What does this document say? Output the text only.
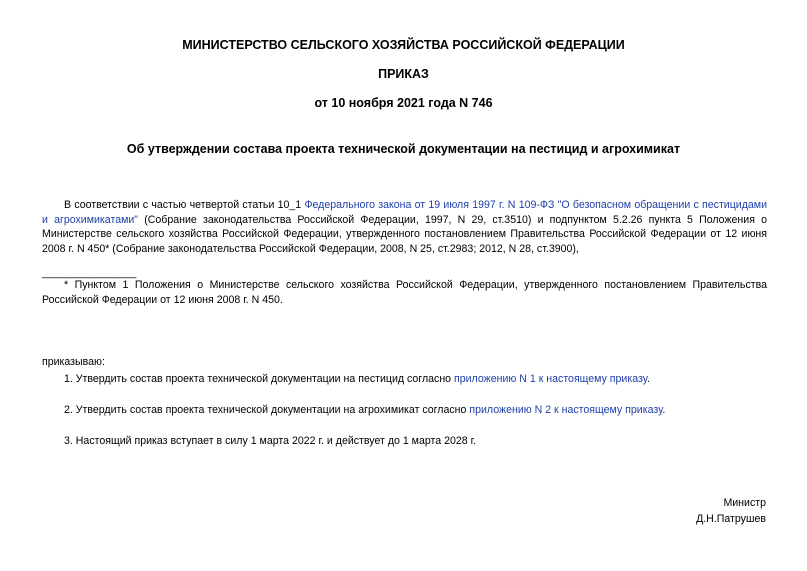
МИНИСТЕРСТВО СЕЛЬСКОГО ХОЗЯЙСТВА РОССИЙСКОЙ ФЕДЕРАЦИИ
ПРИКАЗ
от 10 ноября 2021 года N 746
Об утверждении состава проекта технической документации на пестицид и агрохимикат
В соответствии с частью четвертой статьи 10_1 Федерального закона от 19 июля 1997 г. N 109-ФЗ "О безопасном обращении с пестицидами и агрохимикатами" (Собрание законодательства Российской Федерации, 1997, N 29, ст.3510) и подпунктом 5.2.26 пункта 5 Положения о Министерстве сельского хозяйства Российской Федерации, утвержденного постановлением Правительства Российской Федерации от 12 июня 2008 г. N 450* (Собрание законодательства Российской Федерации, 2008, N 25, ст.2983; 2012, N 28, ст.3900),
________________
* Пунктом 1 Положения о Министерстве сельского хозяйства Российской Федерации, утвержденного постановлением Правительства Российской Федерации от 12 июня 2008 г. N 450.
приказываю:
1. Утвердить состав проекта технической документации на пестицид согласно приложению N 1 к настоящему приказу.
2. Утвердить состав проекта технической документации на агрохимикат согласно приложению N 2 к настоящему приказу.
3. Настоящий приказ вступает в силу 1 марта 2022 г. и действует до 1 марта 2028 г.
Министр
Д.Н.Патрушев
